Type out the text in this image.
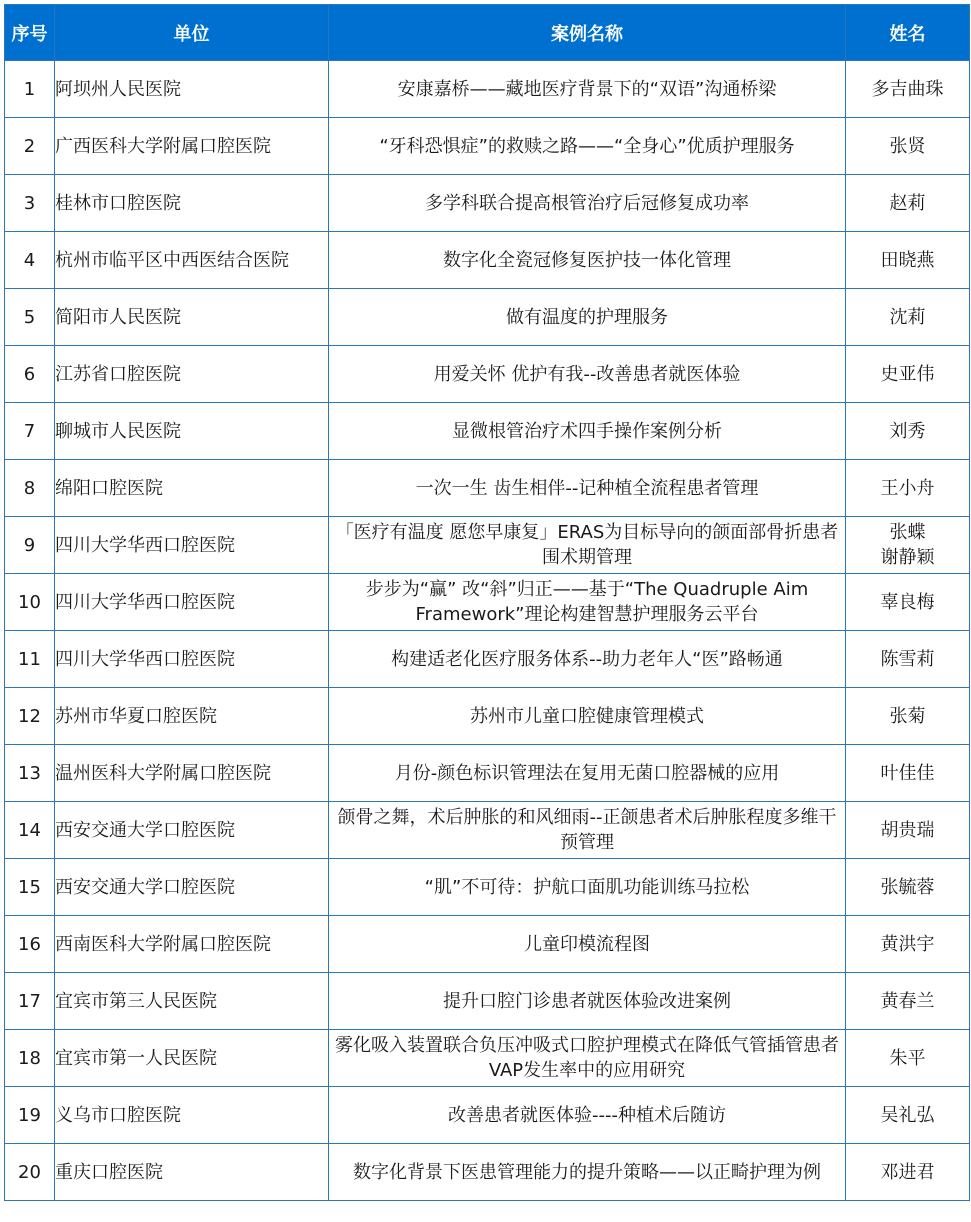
序号	单位	案例名称	姓名
1	阿坝州人民医院	安康嘉桥——藏地医疗背景下的“双语”沟通桥梁	多吉曲珠

2	广西医科大学附属口腔医院	“牙科恐惧症”的救赎之路——“全身心”优质护理服务	张贤

3	桂林市口腔医院	多学科联合提高根管治疗后冠修复成功率	赵莉

4	杭州市临平区中西医结合医院	数字化全瓷冠修复医护技一体化管理	田晓燕

5	简阳市人民医院	做有温度的护理服务	沈莉

6	江苏省口腔医院	用爱关怀 优护有我--改善患者就医体验	史亚伟

7	聊城市人民医院	显微根管治疗术四手操作案例分析	刘秀

8	绵阳口腔医院	一次一生 齿生相伴--记种植全流程患者管理	王小舟

9	四川大学华西口腔医院	「医疗有温度 愿您早康复」ERAS为目标导向的颌面部骨折患者围术期管理	张蝶
谢静颖

10	四川大学华西口腔医院	步步为“赢” 改“斜”归正——基于“The Quadruple Aim Framework”理论构建智慧护理服务云平台	辜良梅

11	四川大学华西口腔医院	构建适老化医疗服务体系--助力老年人“医”路畅通	陈雪莉

12	苏州市华夏口腔医院	苏州市儿童口腔健康管理模式	张菊

13	温州医科大学附属口腔医院	月份-颜色标识管理法在复用无菌口腔器械的应用	叶佳佳

14	西安交通大学口腔医院	颌骨之舞，术后肿胀的和风细雨--正颌患者术后肿胀程度多维干预管理	胡贵瑞

15	西安交通大学口腔医院	“肌”不可待：护航口面肌功能训练马拉松	张毓蓉

16	西南医科大学附属口腔医院	儿童印模流程图	黄洪宇

17	宜宾市第三人民医院	提升口腔门诊患者就医体验改进案例	黄春兰

18	宜宾市第一人民医院	雾化吸入装置联合负压冲吸式口腔护理模式在降低气管插管患者VAP发生率中的应用研究	朱平

19	义乌市口腔医院	改善患者就医体验----种植术后随访	吴礼弘

20	重庆口腔医院	数字化背景下医患管理能力的提升策略——以正畸护理为例	邓进君
